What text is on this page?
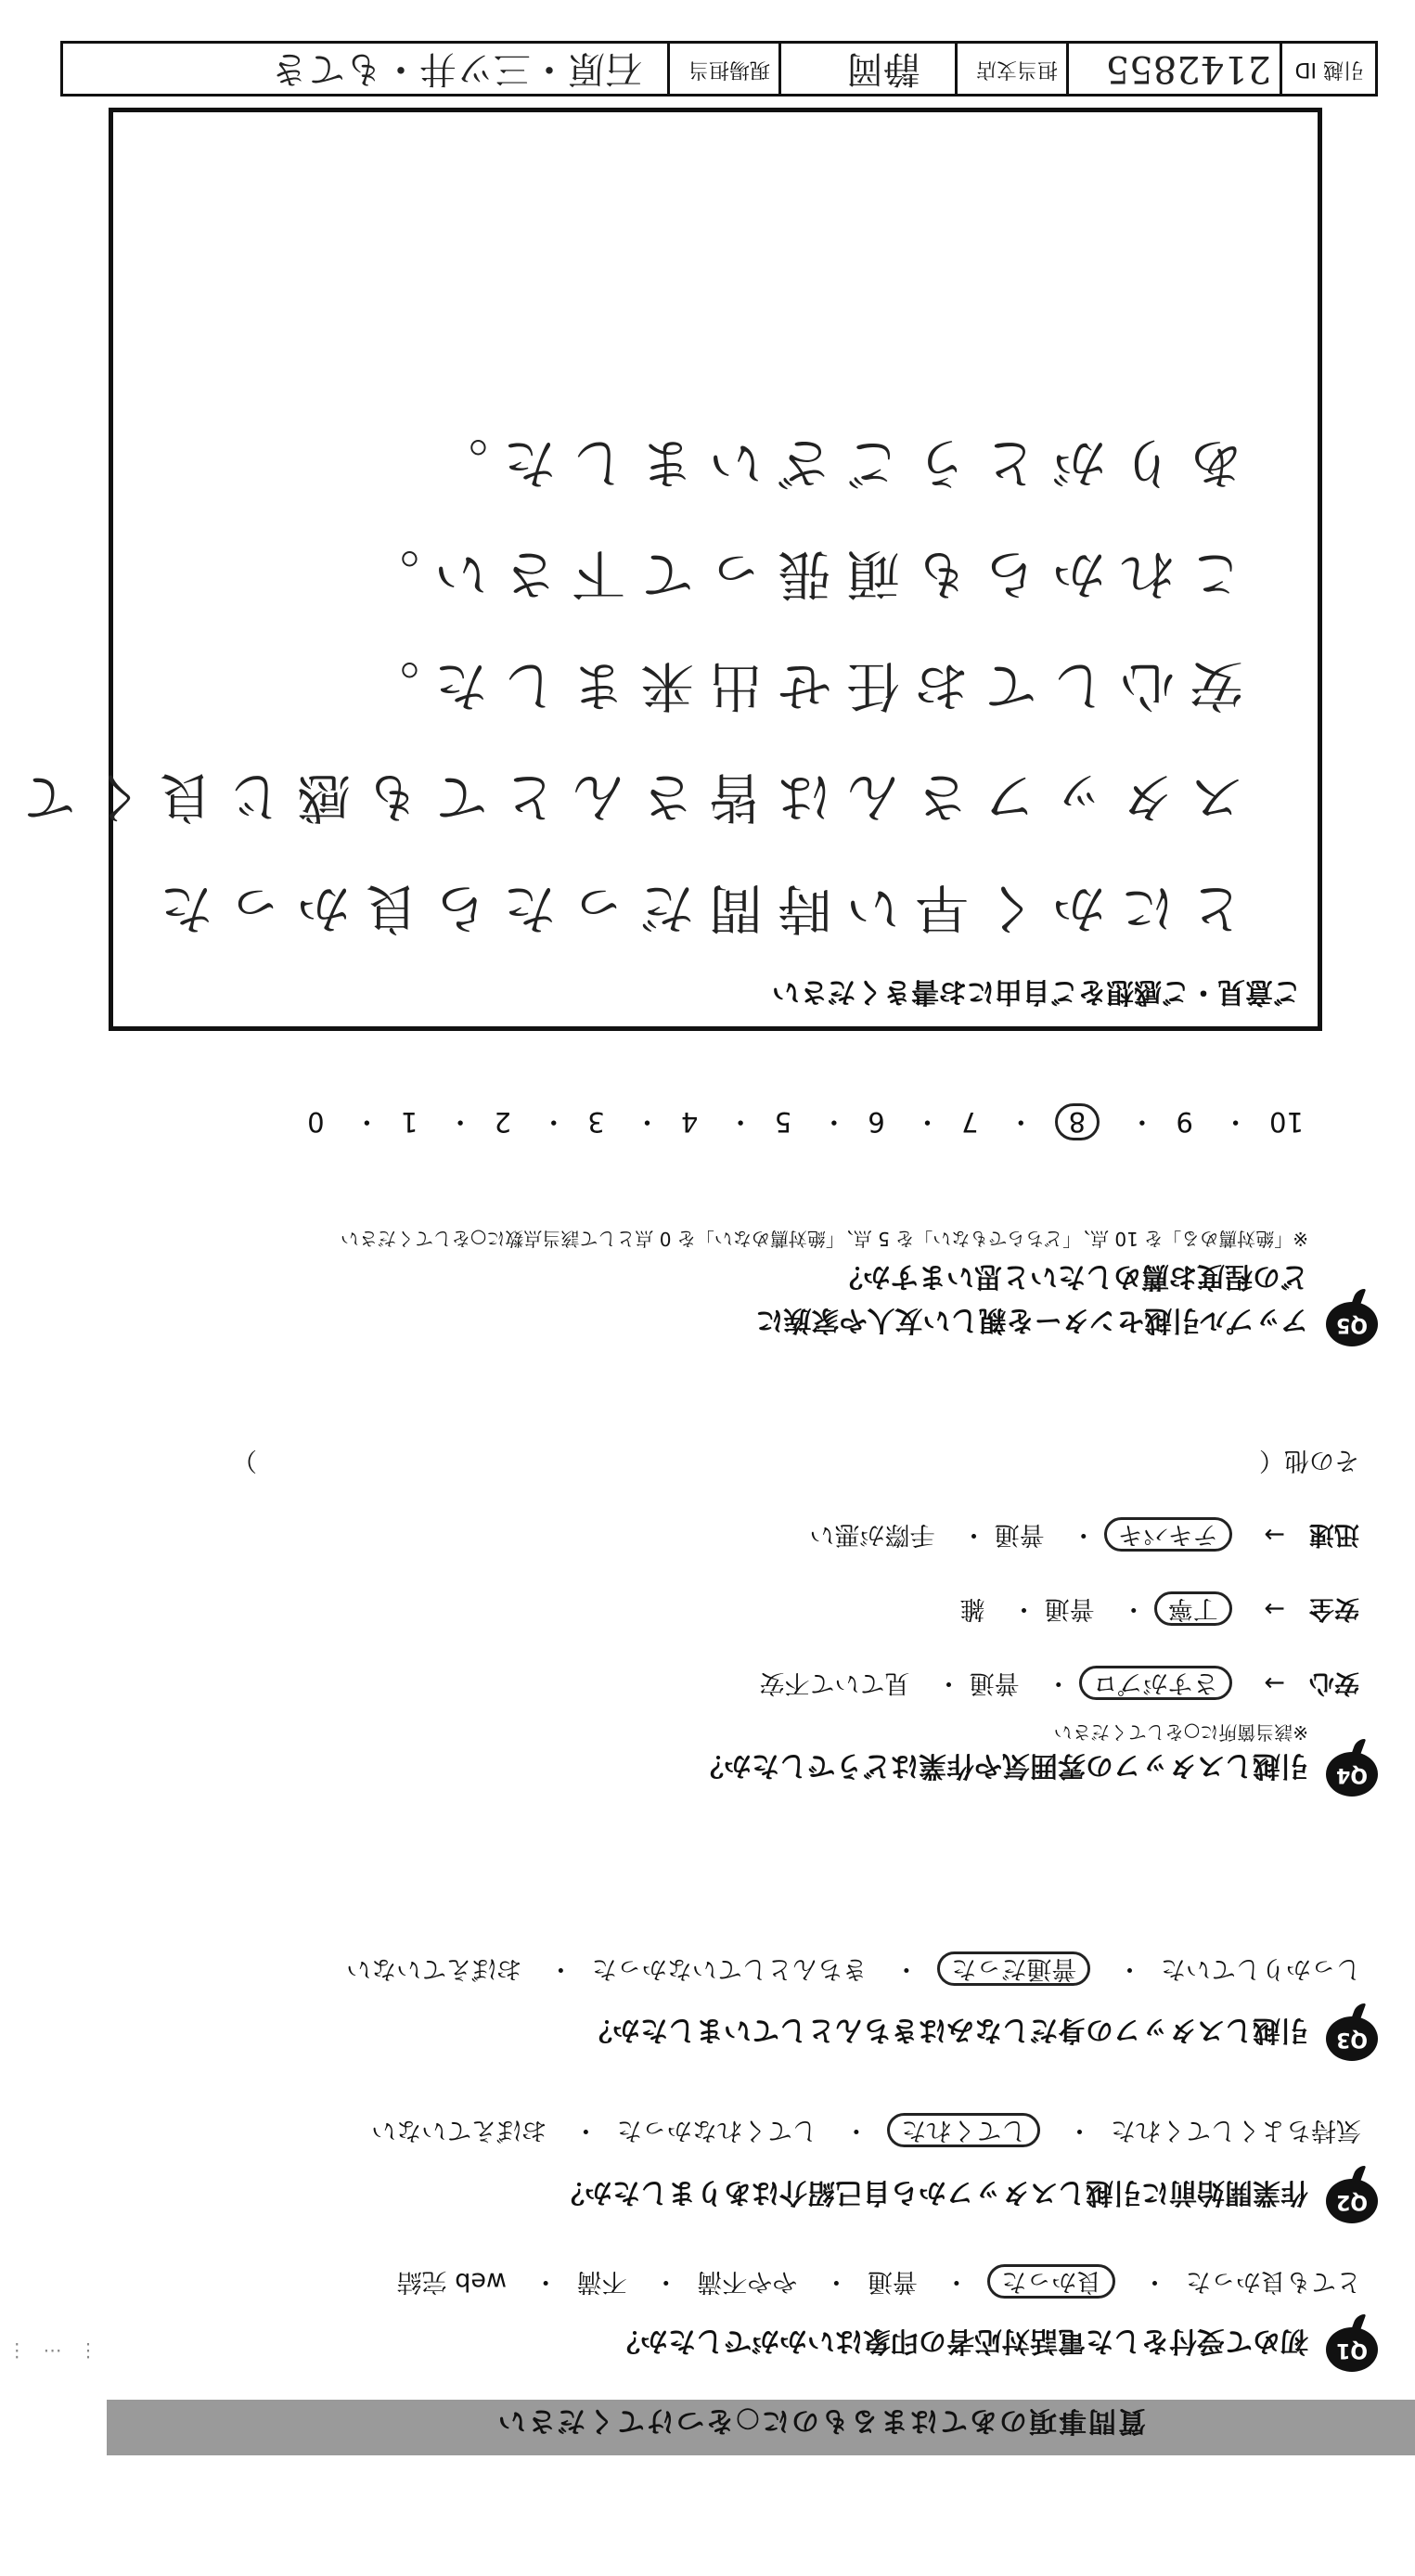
質問事項のあてはまるものに○をつけてください
Q1
初めて受付をした電話対応者の印象はいかがでしたか？
とても良かった・ 良かった・ 普通・ やや不満・ 不満・ web 完結
Q2
作業開始前に引越しスタッフから自己紹介はありましたか？
気持ちよくしてくれた・ してくれた・ してくれなかった・ おぼえていない
Q3
引越しスタッフの身だしなみはきちんとしていましたか？
しっかりしていた・ 普通だった・ きちんとしていなかった・ おぼえていない
Q4
引越しスタッフの雰囲気や作業はどうでしたか？
※該当箇所に○をしてください
安心→ さすがプロ ・ 普通 ・ 見ていて不安
安全→ 丁寧 ・ 普通 ・ 雑
迅速→ テキパキ ・ 普通 ・ 手際が悪い
その他（）
Q5
アップル引越センターを親しい友人や家族に
どの程度お薦めしたいと思いますか？
※「絶対薦める」を 10 点、「どちらでもない」を 5 点、「絶対薦めない」を 0 点として該当点数に○をしてください
10・ 9・ 8・ 7・ 6・ 5・ 4・ 3・ 2・ 1・ 0
ご意見・ご感想をご自由にお書きください
とにかく早い時間だったら良かった
スタッフさんは皆さんとても感じ良くて
安心してお任せ出来ました。
これからも頑張って下さい。
ありがとうございました。
引越 ID
2142855
担当支店
静岡
現場担当
石原・三ツ井・もてき
⋮ ⋯ ⋮
